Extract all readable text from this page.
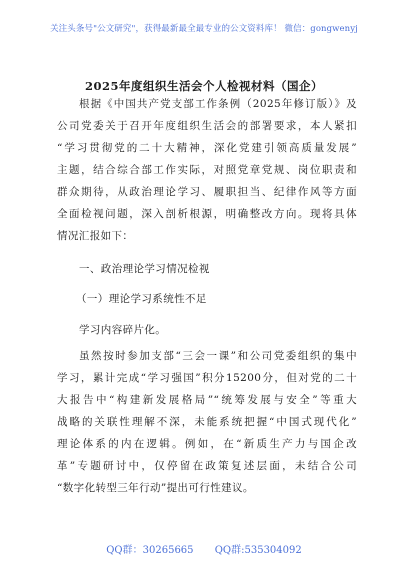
关注头条号"公文研究"，获得最新最全最专业的公文资料库！ 微信：gongwenyj
2025年度组织生活会个人检视材料（国企）
根据《中国共产党支部工作条例（2025年修订版）》及
公司党委关于召开年度组织生活会的部署要求，本人紧扣
“学习贯彻党的二十大精神，深化党建引领高质量发展”
主题，结合综合部工作实际，对照党章党规、岗位职责和
群众期待，从政治理论学习、履职担当、纪律作风等方面
全面检视问题，深入剖析根源，明确整改方向。现将具体
情况汇报如下：
一、政治理论学习情况检视
（一）理论学习系统性不足
学习内容碎片化。
虽然按时参加支部“三会一课”和公司党委组织的集中
学习，累计完成“学习强国”积分15200分，但对党的二十
大报告中“构建新发展格局”“统筹发展与安全”等重大
战略的关联性理解不深，未能系统把握“中国式现代化”
理论体系的内在逻辑。例如，在“新质生产力与国企改
革”专题研讨中，仅停留在政策复述层面，未结合公司
“数字化转型三年行动”提出可行性建议。
QQ群：30265665 QQ群:535304092
